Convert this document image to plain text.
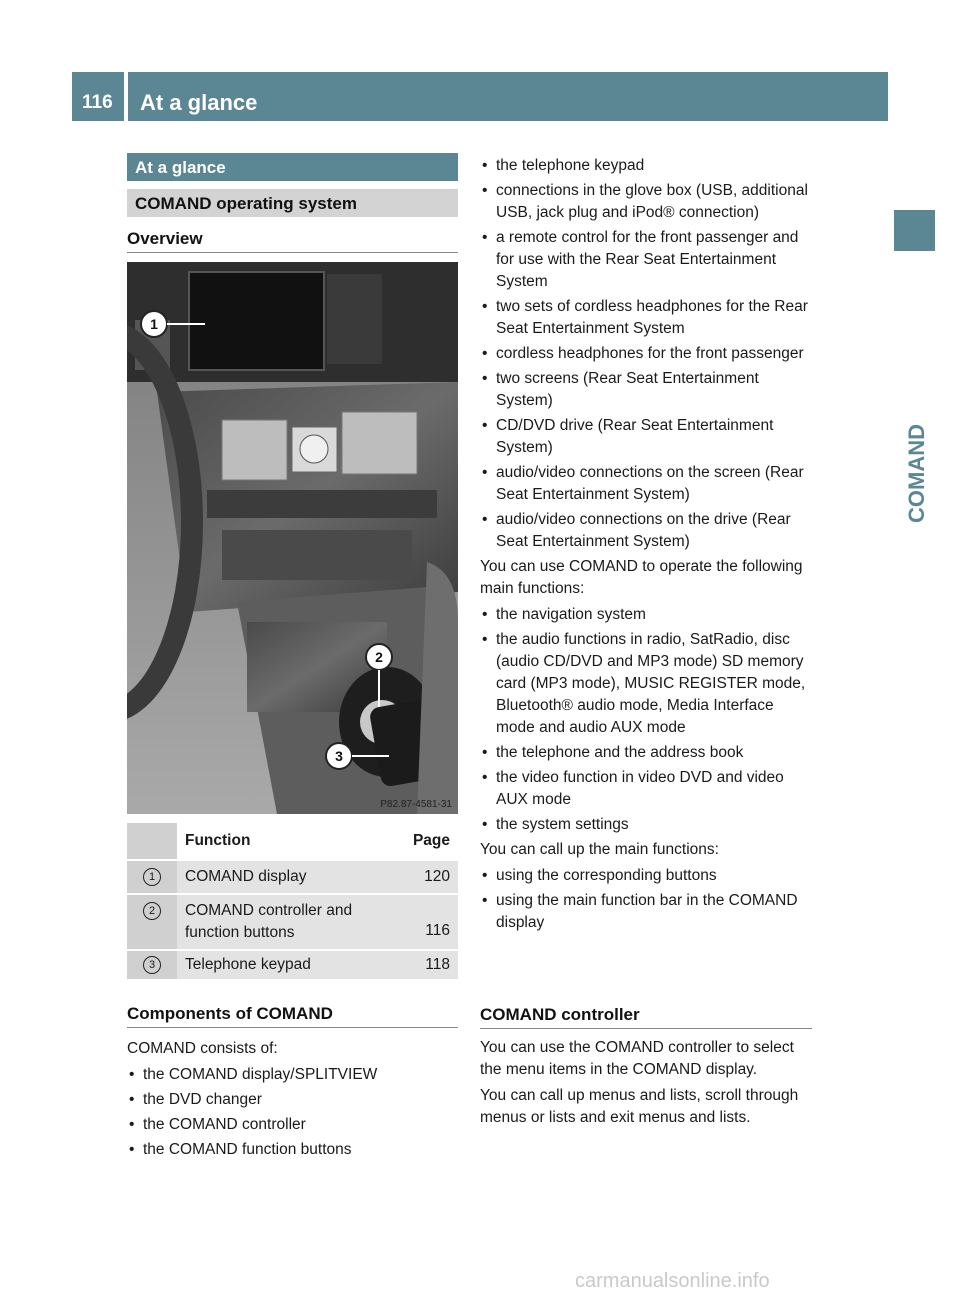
116 At a glance
COMAND
At a glance
COMAND operating system
Overview
1
2
3
P82.87-4581-31
Function	Page
1	COMAND display	120
2	COMAND controller and function buttons	116
3	Telephone keypad	118
Components of COMAND

COMAND consists of:

• the COMAND display/SPLITVIEW
• the DVD changer
• the COMAND controller
• the COMAND function buttons
• the telephone keypad
• connections in the glove box (USB, additional USB, jack plug and iPod® connection)
• a remote control for the front passenger and for use with the Rear Seat Entertainment System
• two sets of cordless headphones for the Rear Seat Entertainment System
• cordless headphones for the front passenger
• two screens (Rear Seat Entertainment System)
• CD/DVD drive (Rear Seat Entertainment System)
• audio/video connections on the screen (Rear Seat Entertainment System)
• audio/video connections on the drive (Rear Seat Entertainment System)

You can use COMAND to operate the following main functions:

• the navigation system
• the audio functions in radio, SatRadio, disc (audio CD/DVD and MP3 mode) SD memory card (MP3 mode), MUSIC REGISTER mode, Bluetooth® audio mode, Media Interface mode and audio AUX mode
• the telephone and the address book
• the video function in video DVD and video AUX mode
• the system settings

You can call up the main functions:

• using the corresponding buttons
• using the main function bar in the COMAND display
COMAND controller

You can use the COMAND controller to select the menu items in the COMAND display.

You can call up menus and lists, scroll through menus or lists and exit menus and lists.

carmanualsonline.info
